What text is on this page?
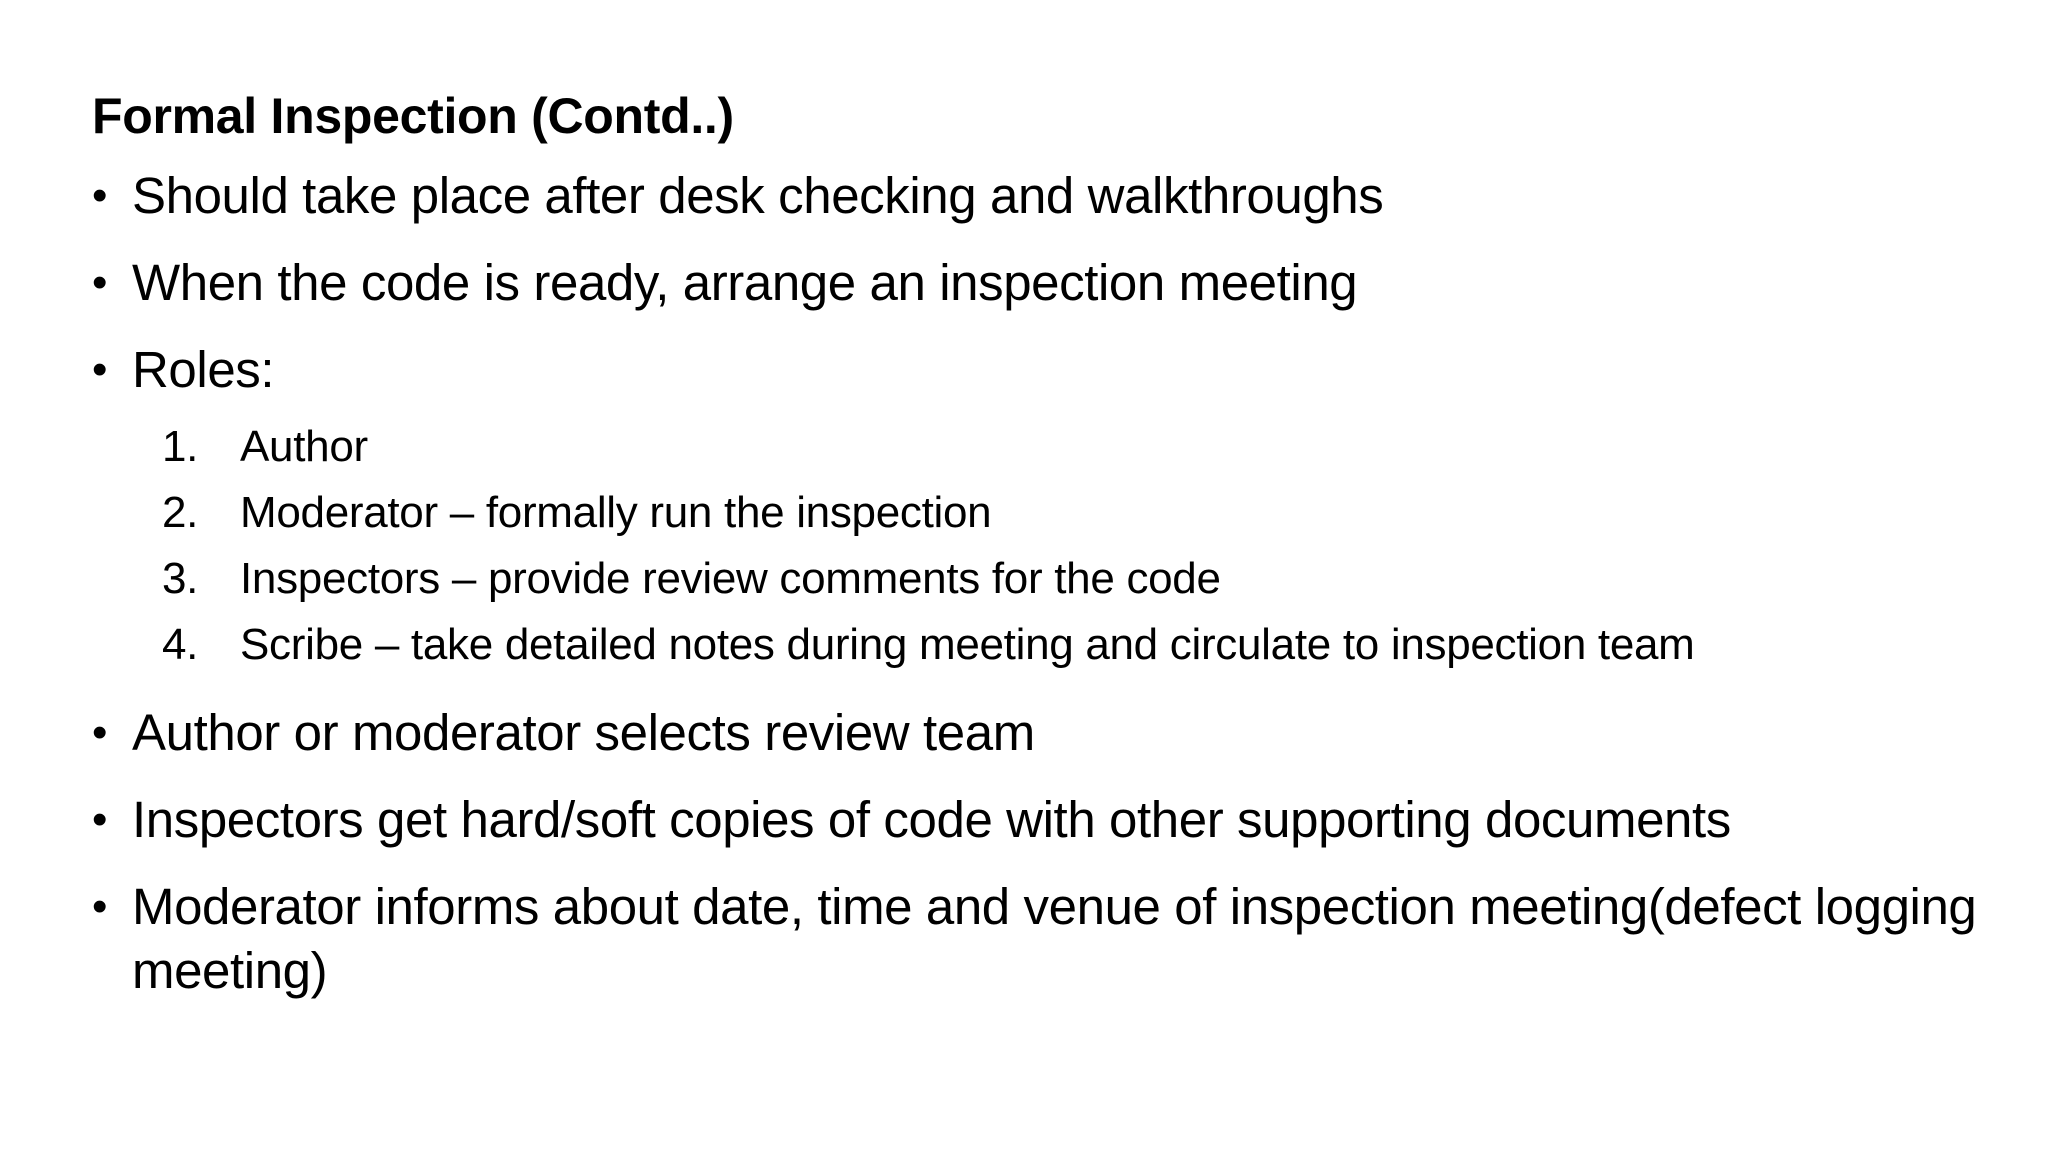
Formal Inspection (Contd..)
• Should take place after desk checking and walkthroughs
• When the code is ready, arrange an inspection meeting
• Roles:
1. Author
2. Moderator – formally run the inspection
3. Inspectors – provide review comments for the code
4. Scribe – take detailed notes during meeting and circulate to inspection team
• Author or moderator selects review team
• Inspectors get hard/soft copies of code with other supporting documents
• Moderator informs about date, time and venue of inspection meeting(defect logging meeting)
